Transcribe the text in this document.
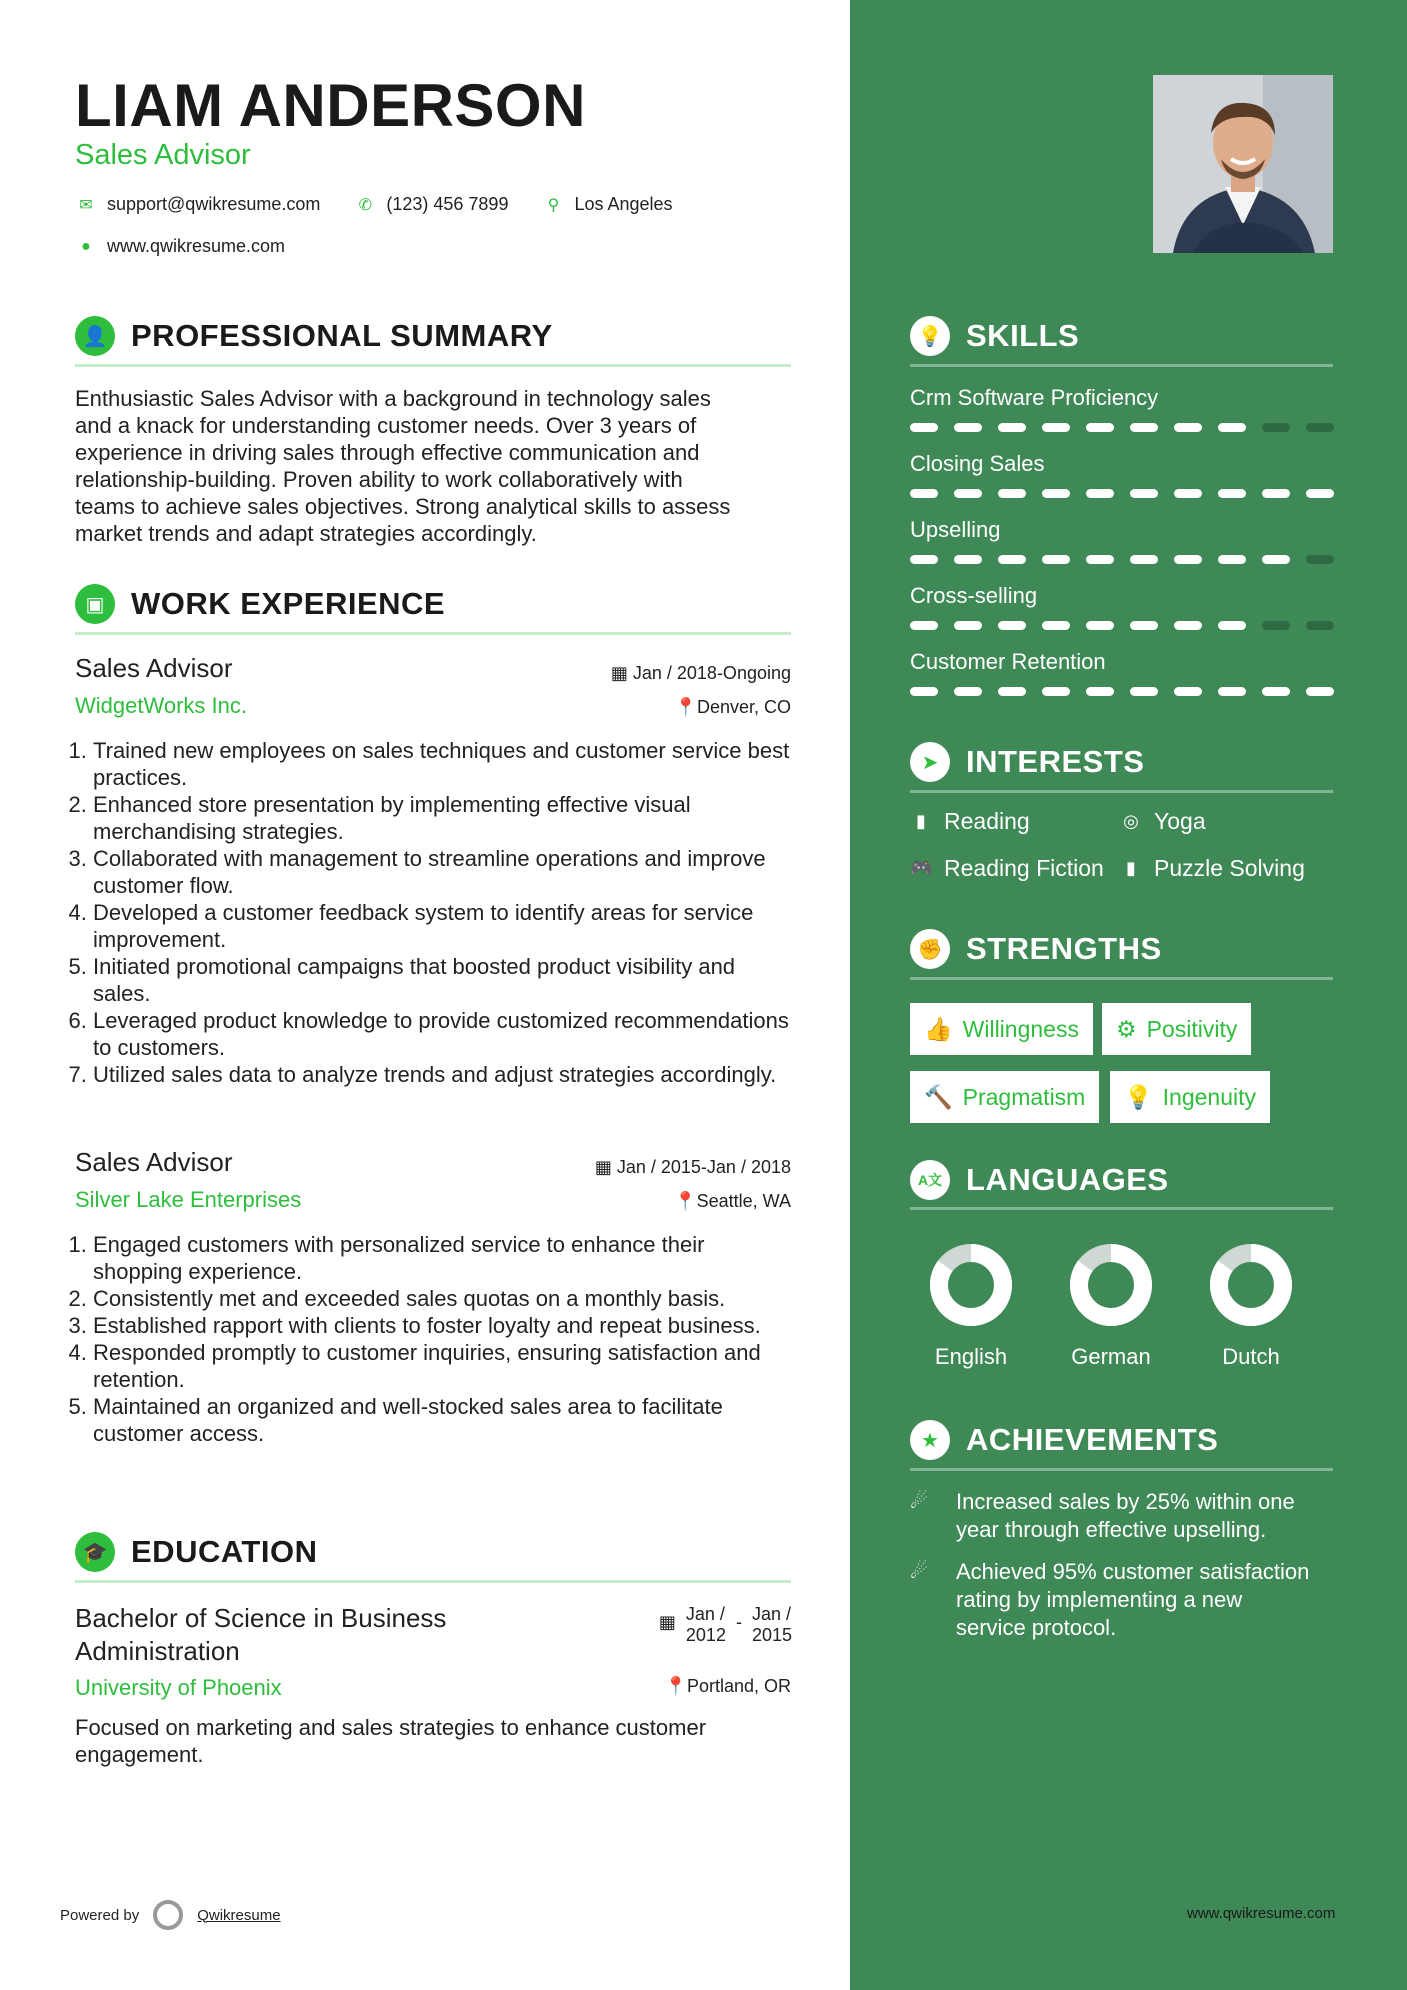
LIAM ANDERSON
Sales Advisor
✉ support@qwikresume.com ✆ (123) 456 7899	⚲ Los Angeles
● www.qwikresume.com
👤 PROFESSIONAL SUMMARY
Enthusiastic Sales Advisor with a background in technology sales
and a knack for understanding customer needs. Over 3 years of
experience in driving sales through effective communication and
relationship-building. Proven ability to work collaboratively with
teams to achieve sales objectives. Strong analytical skills to assess
market trends and adapt strategies accordingly.
▣ WORK EXPERIENCE
Sales Advisor	▦ Jan / 2018-Ongoing
WidgetWorks Inc.	📍Denver, CO
1. Trained new employees on sales techniques and customer service best practices.
2. Enhanced store presentation by implementing effective visual merchandising strategies.
3. Collaborated with management to streamline operations and improve customer flow.
4. Developed a customer feedback system to identify areas for service improvement.
5. Initiated promotional campaigns that boosted product visibility and sales.
6. Leveraged product knowledge to provide customized recommendations to customers.
7. Utilized sales data to analyze trends and adjust strategies accordingly.
Sales Advisor	▦ Jan / 2015-Jan / 2018
Silver Lake Enterprises	📍Seattle, WA
1. Engaged customers with personalized service to enhance their shopping experience.
2. Consistently met and exceeded sales quotas on a monthly basis.
3. Established rapport with clients to foster loyalty and repeat business.
4. Responded promptly to customer inquiries, ensuring satisfaction and retention.
5. Maintained an organized and well-stocked sales area to facilitate customer access.
🎓 EDUCATION
Bachelor of Science in Business
Administration
▦ Jan /
2012
- Jan /
2015
University of Phoenix	📍Portland, OR
Focused on marketing and sales strategies to enhance customer
engagement.
Powered by	Qwikresume
💡 SKILLS
Crm Software Proficiency
Closing Sales
Upselling
Cross-selling
Customer Retention
➤ INTERESTS
▮ Reading	◎ Yoga
🎮 Reading Fiction	▮ Puzzle Solving
✊ STRENGTHS
👍 Willingness ⚙ Positivity
🔨 Pragmatism 💡 Ingenuity
A文 LANGUAGES
English	German	Dutch
★ ACHIEVEMENTS
☄	Increased sales by 25% within one
year through effective upselling.
☄	Achieved 95% customer satisfaction
rating by implementing a new
service protocol.
www.qwikresume.com
